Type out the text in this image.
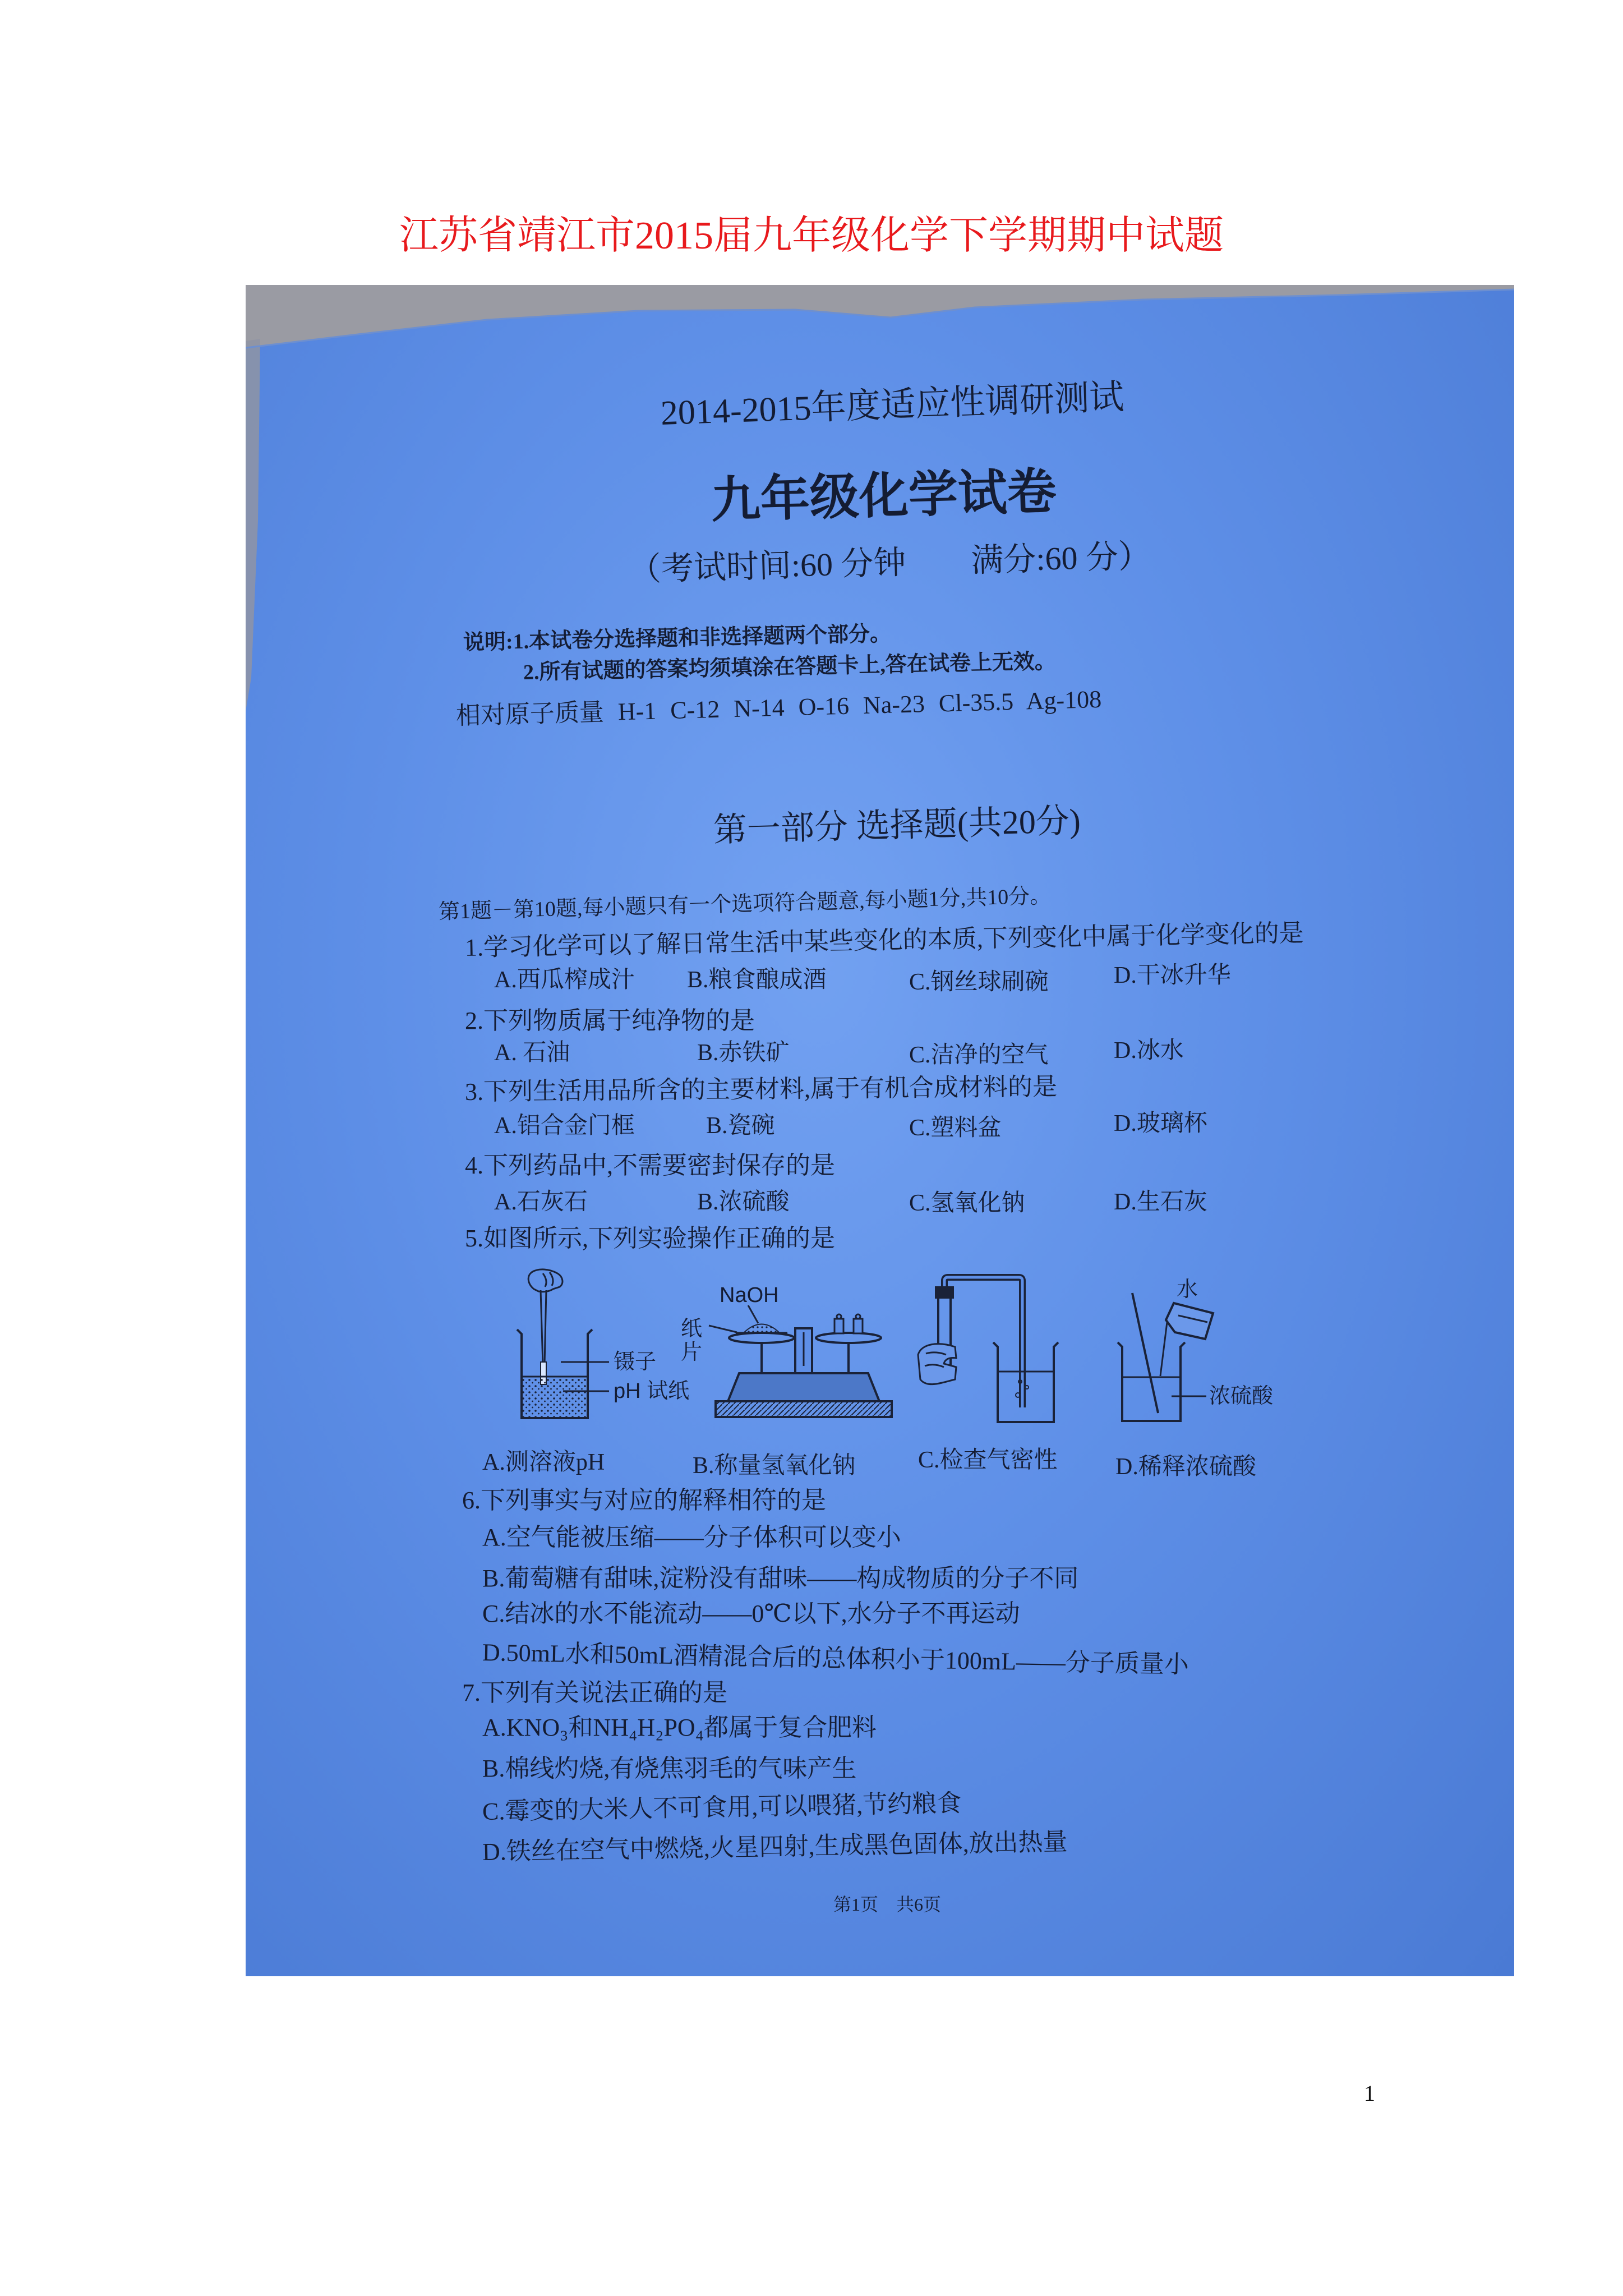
江苏省靖江市2015届九年级化学下学期期中试题
2014-2015年度适应性调研测试
九年级化学试卷
（考试时间:60 分钟　　满分:60 分）
说明:1.本试卷分选择题和非选择题两个部分。
2.所有试题的答案均须填涂在答题卡上,答在试卷上无效。
相对原子质量 H-1 C-12 N-14 O-16 Na-23 Cl-35.5 Ag-108
第一部分 选择题(共20分)
第1题－第10题,每小题只有一个选项符合题意,每小题1分,共10分。
1.学习化学可以了解日常生活中某些变化的本质,下列变化中属于化学变化的是
A.西瓜榨成汁 B.粮食酿成酒	C.钢丝球刷碗	D.干冰升华
2.下列物质属于纯净物的是
A. 石油	B.赤铁矿	C.洁净的空气	D.冰水
3.下列生活用品所含的主要材料,属于有机合成材料的是
A.铝合金门框	B.瓷碗	C.塑料盆	D.玻璃杯
4.下列药品中,不需要密封保存的是
A.石灰石	B.浓硫酸	C.氢氧化钠	D.生石灰
5.如图所示,下列实验操作正确的是
镊子
pH 试纸
NaOH
纸
片
水
浓硫酸
A.测溶液pH	B.称量氢氧化钠	C.检查气密性 D.稀释浓硫酸
6.下列事实与对应的解释相符的是
A.空气能被压缩——分子体积可以变小
B.葡萄糖有甜味,淀粉没有甜味——构成物质的分子不同
C.结冰的水不能流动——0℃以下,水分子不再运动
D.50mL水和50mL酒精混合后的总体积小于100mL——分子质量小
7.下列有关说法正确的是
A.KNO₃和NH₄H₂PO₄都属于复合肥料
B.棉线灼烧,有烧焦羽毛的气味产生
C.霉变的大米人不可食用,可以喂猪,节约粮食
D.铁丝在空气中燃烧,火星四射,生成黑色固体,放出热量
第1页　共6页
1
